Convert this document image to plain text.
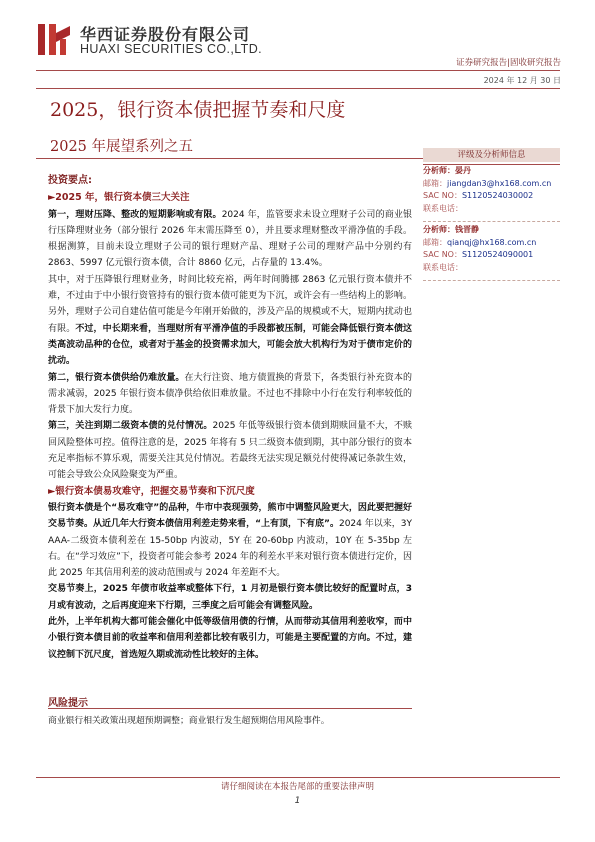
华西证券股份有限公司
HUAXI SECURITIES CO.,LTD.
证券研究报告|固收研究报告
2024 年 12 月 30 日
2025，银行资本债把握节奏和尺度
2025 年展望系列之五

投资要点:

►2025 年，银行资本债三大关注

第一，理财压降、整改的短期影响或有限。2024 年，监管要求未设立理财子公司的商业银行压降理财业务（部分银行 2026 年末需压降至 0），并且要求理财整改平滑净值的手段。根据测算，目前未设立理财子公司的银行理财产品、理财子公司的理财产品中分别约有 2863、5997 亿元银行资本债，合计 8860 亿元，占存量的 13.4%。

其中，对于压降银行理财业务，时间比较充裕，两年时间腾挪 2863 亿元银行资本债并不难，不过由于中小银行资管持有的银行资本债可能更为下沉，或许会有一些结构上的影响。另外，理财子公司自建估值可能是今年刚开始做的，涉及产品的规模或不大，短期内扰动也有限。不过，中长期来看，当理财所有平滑净值的手段都被压制，可能会降低银行资本债这类高波动品种的仓位，或者对于基金的投资需求加大，可能会放大机构行为对于债市定价的扰动。

第二，银行资本债供给仍难放量。在大行注资、地方债置换的背景下，各类银行补充资本的需求减弱，2025 年银行资本债净供给依旧难放量。不过也不排除中小行在发行利率较低的背景下加大发行力度。

第三，关注到期二级资本债的兑付情况。2025 年低等级银行资本债到期赎回量不大，不赎回风险整体可控。值得注意的是，2025 年将有 5 只二级资本债到期，其中部分银行的资本充足率指标不算乐观，需要关注其兑付情况。若最终无法实现足额兑付使得减记条款生效，可能会导致公众风险聚变为严重。

►银行资本债易攻难守，把握交易节奏和下沉尺度

银行资本债是个“易攻难守”的品种，牛市中表现强势，熊市中调整风险更大，因此要把握好交易节奏。从近几年大行资本债信用利差走势来看，“上有顶，下有底”。2024 年以来，3Y AAA-二级资本债利差在 15-50bp 内波动，5Y 在 20-60bp 内波动，10Y 在 5-35bp 左右。在“学习效应”下，投资者可能会参考 2024 年的利差水平来对银行资本债进行定价，因此 2025 年其信用利差的波动范围或与 2024 年差距不大。

交易节奏上，2025 年债市收益率或整体下行，1 月初是银行资本债比较好的配置时点，3 月或有波动，之后再度迎来下行期，三季度之后可能会有调整风险。

此外，上半年机构大都可能会催化中低等级信用债的行情，从而带动其信用利差收窄，而中小银行资本债目前的收益率和信用利差都比较有吸引力，可能是主要配置的方向。不过，建议控制下沉尺度，首选短久期或流动性比较好的主体。

风险提示
商业银行相关政策出现超预期调整；商业银行发生超预期信用风险事件。
评级及分析师信息
分析师：晏丹
邮箱：jiangdan3@hx168.com.cn
SAC NO：S1120524030002
联系电话：
分析师：钱晋静
邮箱：qianqj@hx168.com.cn
SAC NO：S1120524090001
联系电话：
请仔细阅读在本报告尾部的重要法律声明
1
